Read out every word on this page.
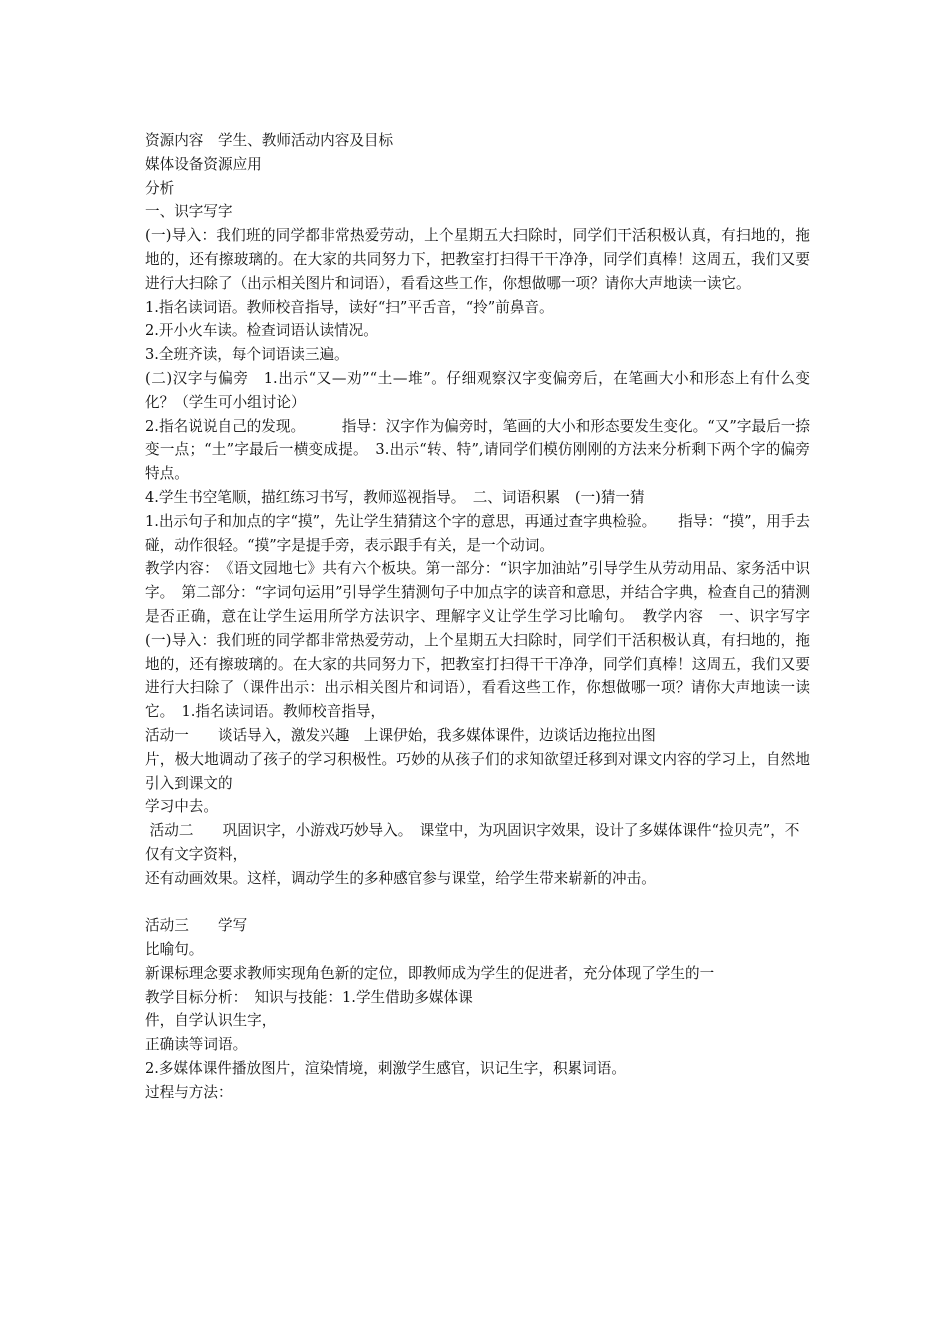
资源内容　学生、教师活动内容及目标

媒体设备资源应用

分析

一、识字写字

(一)导入：我们班的同学都非常热爱劳动，上个星期五大扫除时，同学们干活积极认真，有扫地的，拖地的，还有擦玻璃的。在大家的共同努力下，把教室打扫得干干净净，同学们真棒！这周五，我们又要进行大扫除了（出示相关图片和词语），看看这些工作，你想做哪一项？请你大声地读一读它。

1.指名读词语。教师校音指导，读好“扫”平舌音，“拎”前鼻音。

2.开小火车读。检查词语认读情况。

3.全班齐读，每个词语读三遍。

(二)汉字与偏旁　1.出示“又—劝”“土—堆”。仔细观察汉字变偏旁后，在笔画大小和形态上有什么变化？（学生可小组讨论）

2.指名说说自己的发现。　　　指导：汉字作为偏旁时，笔画的大小和形态要发生变化。“又”字最后一捺变一点；“土”字最后一横变成提。　3.出示“转、特”,请同学们模仿刚刚的方法来分析剩下两个字的偏旁特点。

4.学生书空笔顺，描红练习书写，教师巡视指导。　二、词语积累　(一)猜一猜

1.出示句子和加点的字“摸”，先让学生猜猜这个字的意思，再通过查字典检验。　　指导：“摸”，用手去碰，动作很轻。“摸”字是提手旁，表示跟手有关，是一个动词。

教学内容：　《语文园地七》共有六个板块。第一部分：“识字加油站”引导学生从劳动用品、家务活中识字。　第二部分：“字词句运用”引导学生猜测句子中加点字的读音和意思，并结合字典，检查自己的猜测是否正确，意在让学生运用所学方法识字、理解字义让学生学习比喻句。　教学内容　一、识字写字　(一)导入：我们班的同学都非常热爱劳动，上个星期五大扫除时，同学们干活积极认真，有扫地的，拖地的，还有擦玻璃的。在大家的共同努力下，把教室打扫得干干净净，同学们真棒！这周五，我们又要进行大扫除了（课件出示：出示相关图片和词语），看看这些工作，你想做哪一项？请你大声地读一读它。　1.指名读词语。教师校音指导，

活动一　　谈话导入，激发兴趣　上课伊始，我多媒体课件，边谈话边拖拉出图

片，极大地调动了孩子的学习积极性。巧妙的从孩子们的求知欲望迁移到对课文内容的学习上，自然地引入到课文的

学习中去。

活动二　　巩固识字，小游戏巧妙导入。　课堂中，为巩固识字效果，设计了多媒体课件“捡贝壳”，不

仅有文字资料，

还有动画效果。这样，调动学生的多种感官参与课堂，给学生带来崭新的冲击。

活动三　　学写

比喻句。

新课标理念要求教师实现角色新的定位，即教师成为学生的促进者，充分体现了学生的一

教学目标分析：　知识与技能：1.学生借助多媒体课

件，自学认识生字，

正确读等词语。

2.多媒体课件播放图片，渲染情境，刺激学生感官，识记生字，积累词语。

过程与方法：
